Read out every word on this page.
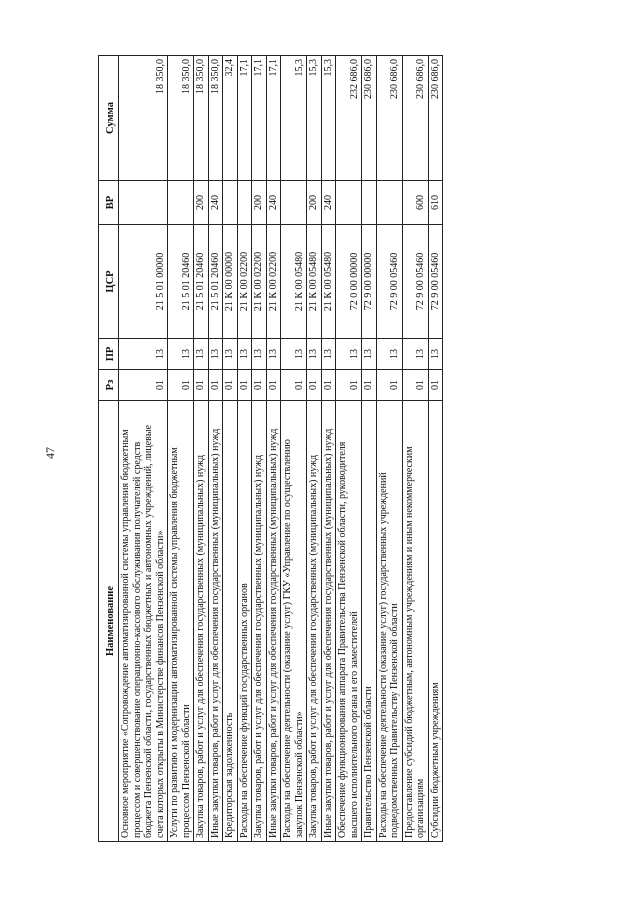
47
Наименование	Рз	ПР	ЦСР	ВР	Сумма
Основное мероприятие «Сопровождение автоматизированной системы управления бюджетным процессом и совершенствование операционно-кассового обслуживания получателей средств бюджета Пензенской области, государственных бюджетных и автономных учреждений, лицевые счета которых открыты в Министерстве финансов Пензенской области»	01	13	21 5 01 00000		18 350,0
Услуги по развитию и модернизации автоматизированной системы управления бюджетным процессом Пензенской области	01	13	21 5 01 20460		18 350,0
Закупка товаров, работ и услуг для обеспечения государственных (муниципальных) нужд	01	13	21 5 01 20460	200	18 350,0
Иные закупки товаров, работ и услуг для обеспечения государственных (муниципальных) нужд	01	13	21 5 01 20460	240	18 350,0
Кредиторская задолженность	01	13	21 К 00 00000		32,4
Расходы на обеспечение функций государственных органов	01	13	21 К 00 02200		17,1
Закупка товаров, работ и услуг для обеспечения государственных (муниципальных) нужд	01	13	21 К 00 02200	200	17,1
Иные закупки товаров, работ и услуг для обеспечения государственных (муниципальных) нужд	01	13	21 К 00 02200	240	17,1
Расходы на обеспечение деятельности (оказание услуг) ГКУ «Управление по осуществлению закупок Пензенской области»	01	13	21 К 00 05480		15,3
Закупка товаров, работ и услуг для обеспечения государственных (муниципальных) нужд	01	13	21 К 00 05480	200	15,3
Иные закупки товаров, работ и услуг для обеспечения государственных (муниципальных) нужд	01	13	21 К 00 05480	240	15,3
Обеспечение функционирования аппарата Правительства Пензенской области, руководителя высшего исполнительного органа и его заместителей	01	13	72 0 00 00000		232 686,0
Правительство Пензенской области	01	13	72 9 00 00000		230 686,0
Расходы на обеспечение деятельности (оказание услуг) государственных учреждений подведомственных Правительству Пензенской области	01	13	72 9 00 05460		230 686,0
Предоставление субсидий бюджетным, автономным учреждениям и иным некоммерческим организациям	01	13	72 9 00 05460	600	230 686,0
Субсидии бюджетным учреждениям	01	13	72 9 00 05460	610	230 686,0
